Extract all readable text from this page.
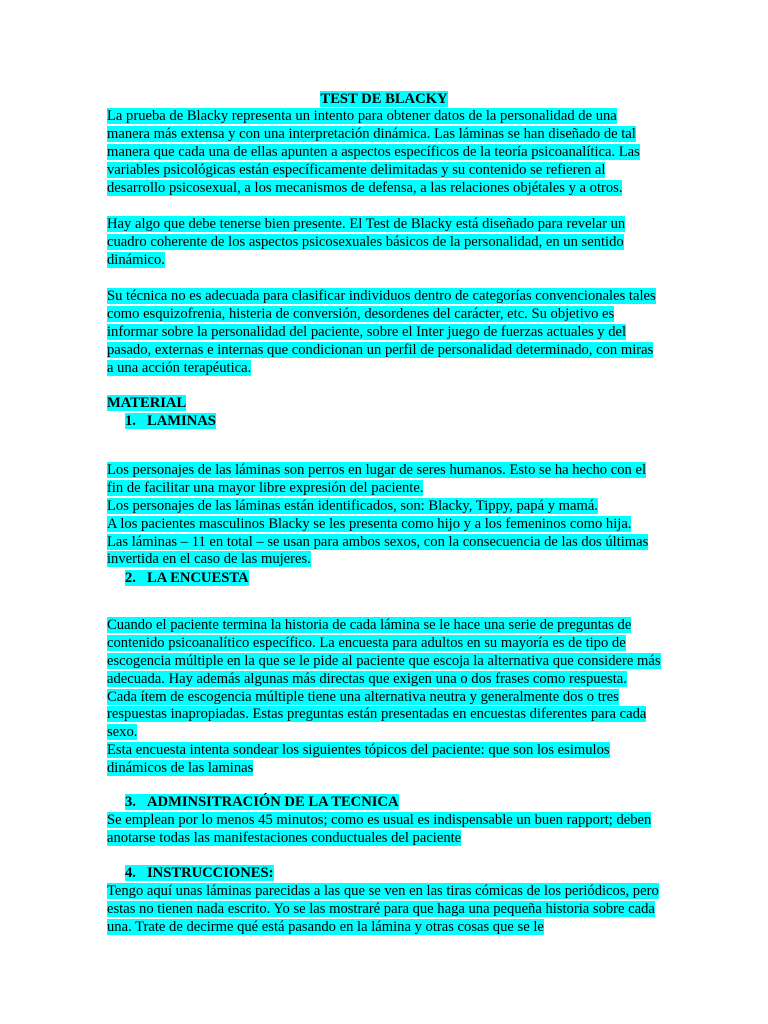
TEST DE BLACKY
La prueba de Blacky representa un intento para obtener datos de la personalidad de una manera más extensa y con una interpretación dinámica. Las láminas se han diseñado de tal manera que cada una de ellas apunten a aspectos específicos de la teoría psicoanalítica. Las variables psicológicas están específicamente delimitadas y su contenido se refieren al desarrollo psicosexual, a los mecanismos de defensa, a las relaciones objétales y a otros.
Hay algo que debe tenerse bien presente. El Test de Blacky está diseñado para revelar un cuadro coherente de los aspectos psicosexuales básicos de la personalidad, en un sentido dinámico.
Su técnica no es adecuada para clasificar individuos dentro de categorías convencionales tales como esquizofrenia, histeria de conversión, desordenes del carácter, etc. Su objetivo es informar sobre la personalidad del paciente, sobre el Inter juego de fuerzas actuales y del pasado, externas e internas que condicionan un perfil de personalidad determinado, con miras a una acción terapéutica.
MATERIAL
1. LAMINAS

Los personajes de las láminas son perros en lugar de seres humanos. Esto se ha hecho con el fin de facilitar una mayor libre expresión del paciente.
Los personajes de las láminas están identificados, son: Blacky, Tippy, papá y mamá.
A los pacientes masculinos Blacky se les presenta como hijo y a los femeninos como hija.
Las láminas – 11 en total – se usan para ambos sexos, con la consecuencia de las dos últimas invertida en el caso de las mujeres.

2. LA ENCUESTA

Cuando el paciente termina la historia de cada lámina se le hace una serie de preguntas de contenido psicoanalítico específico. La encuesta para adultos en su mayoría es de tipo de escogencia múltiple en la que se le pide al paciente que escoja la alternativa que considere más adecuada. Hay además algunas más directas que exigen una o dos frases como respuesta.
Cada ítem de escogencia múltiple tiene una alternativa neutra y generalmente dos o tres respuestas inapropiadas. Estas preguntas están presentadas en encuestas diferentes para cada sexo.
Esta encuesta intenta sondear los siguientes tópicos del paciente: que son los esimulos dinámicos de las laminas

3. ADMINSITRACIÓN DE LA TECNICA
Se emplean por lo menos 45 minutos; como es usual es indispensable un buen rapport; deben anotarse todas las manifestaciones conductuales del paciente
4. INSTRUCCIONES:
Tengo aquí unas láminas parecidas a las que se ven en las tiras cómicas de los periódicos, pero estas no tienen nada escrito. Yo se las mostraré para que haga una pequeña historia sobre cada una. Trate de decirme qué está pasando en la lámina y otras cosas que se le
